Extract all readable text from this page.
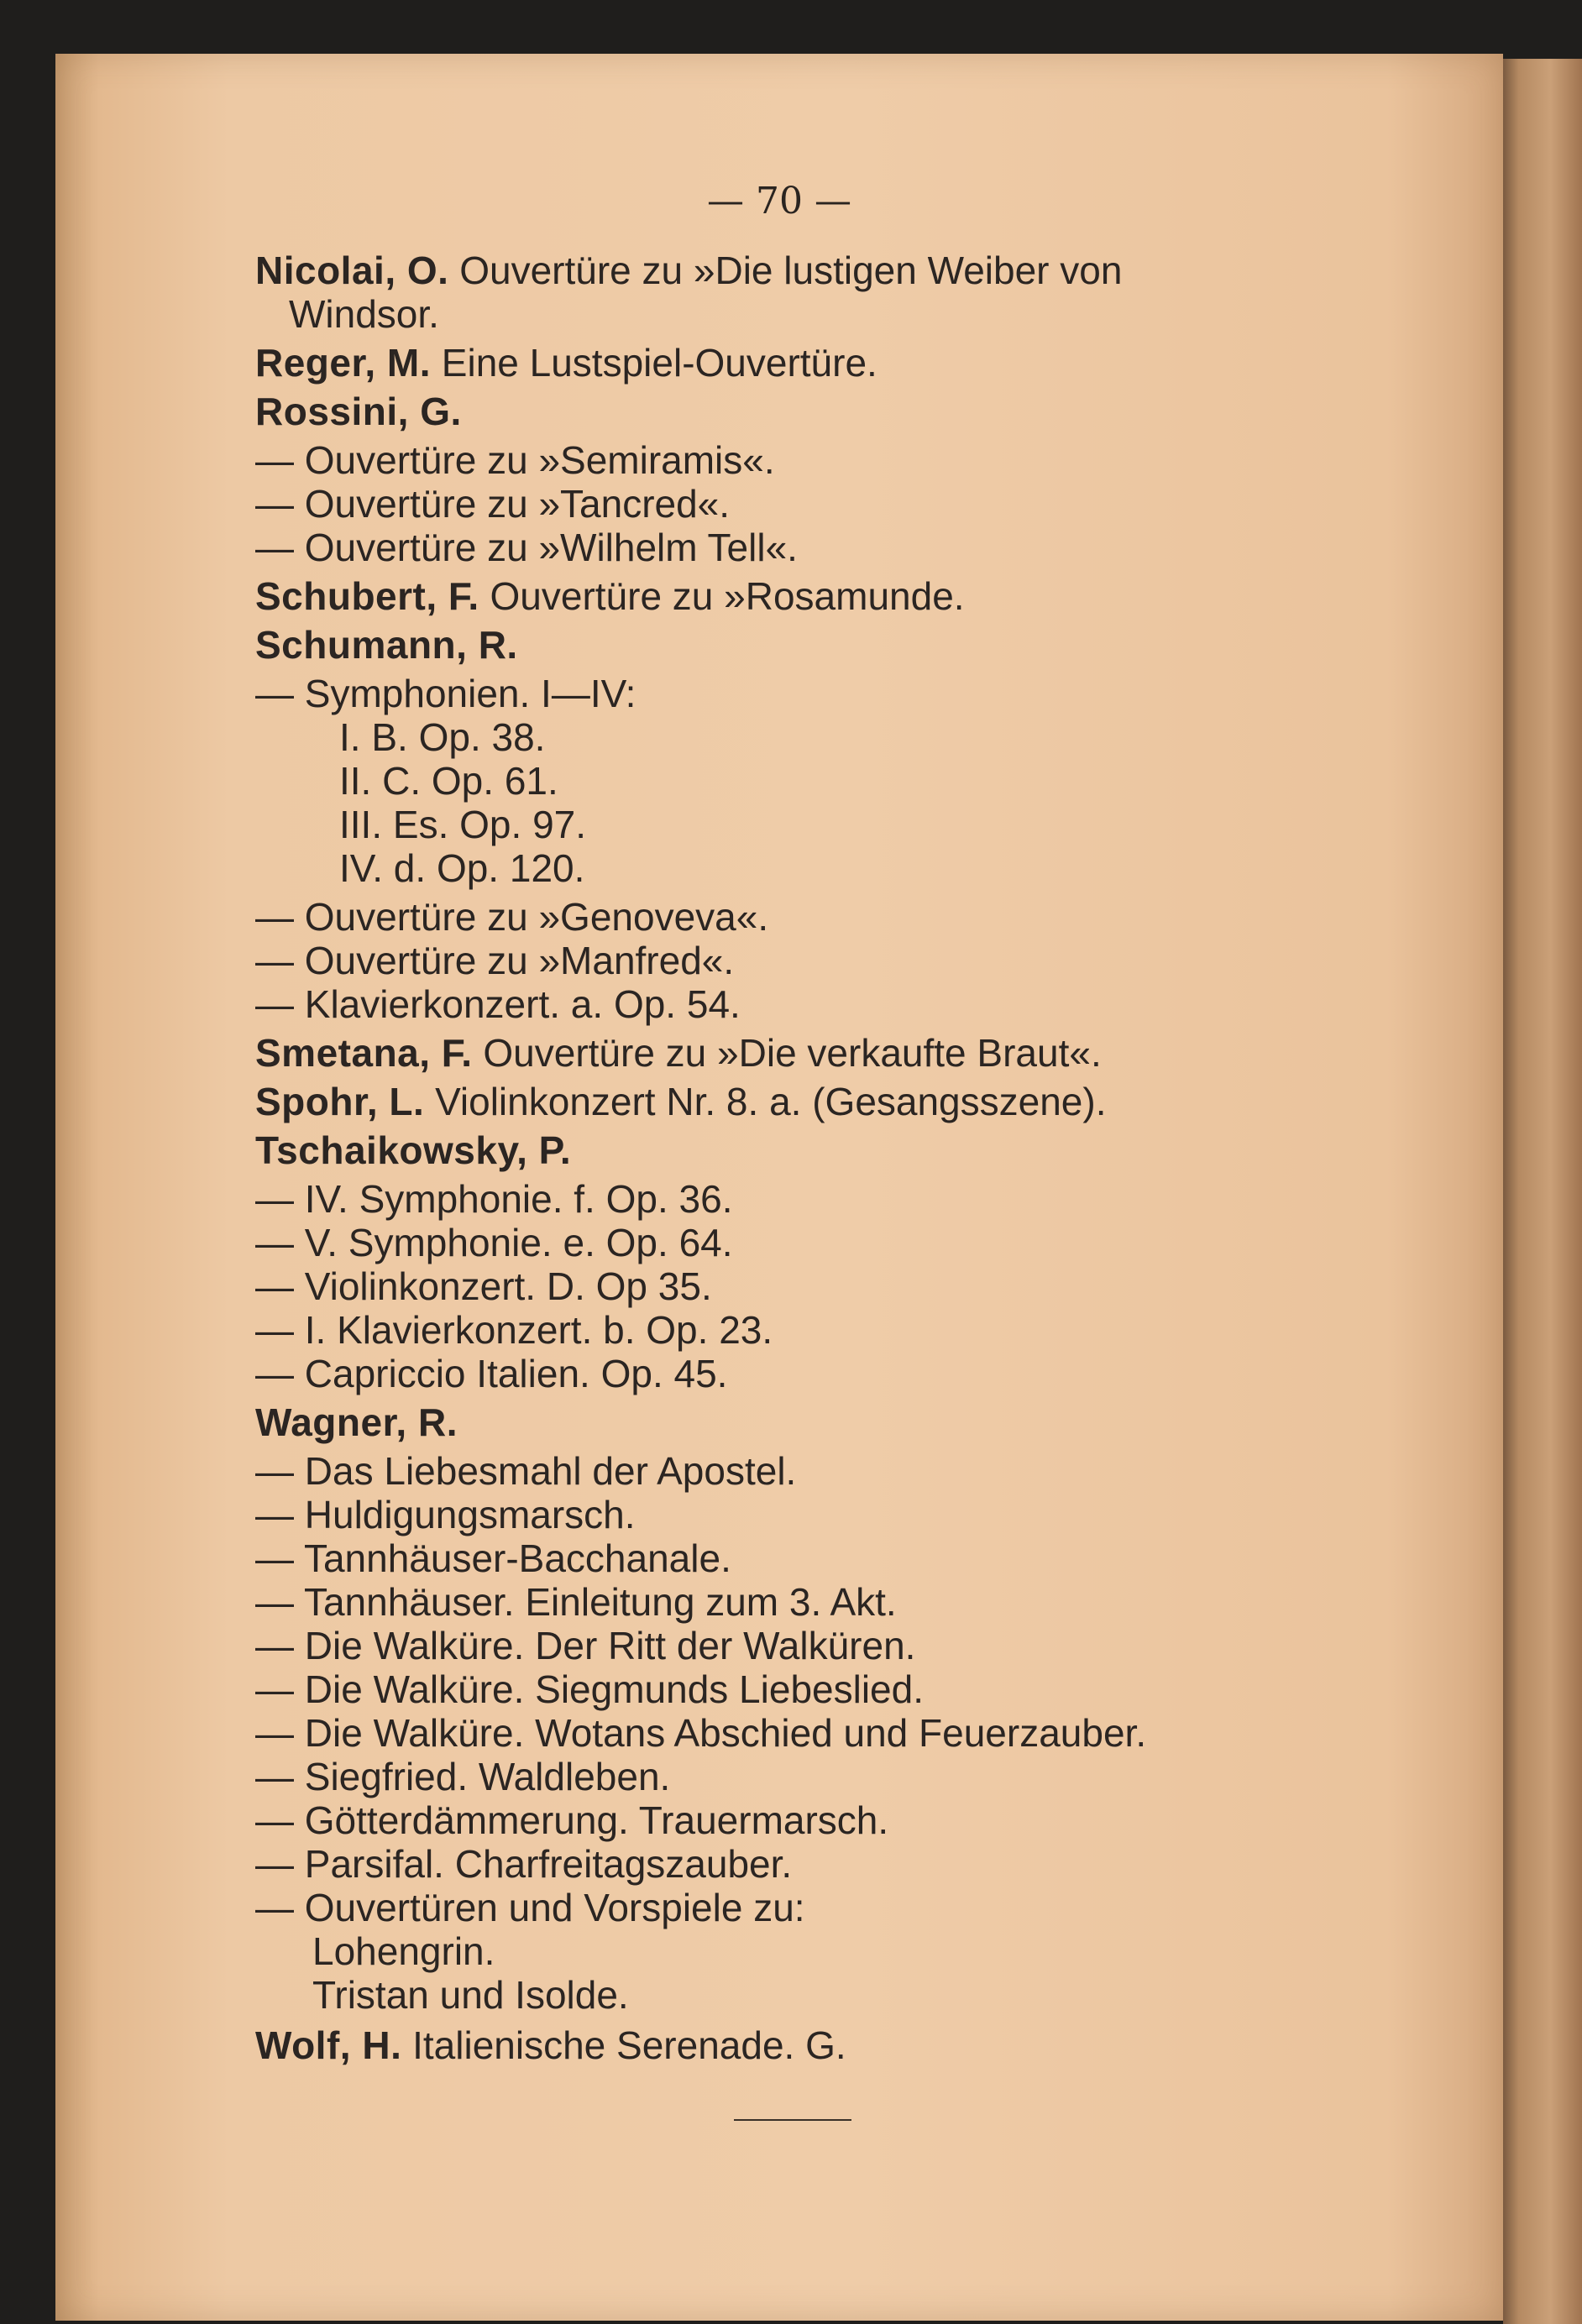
— 70 —
Nicolai, O. Ouvertüre zu »Die lustigen Weiber von
Windsor.
Reger, M. Eine Lustspiel-Ouvertüre.
Rossini, G.
— Ouvertüre zu »Semiramis«.
— Ouvertüre zu »Tancred«.
— Ouvertüre zu »Wilhelm Tell«.
Schubert, F. Ouvertüre zu »Rosamunde.
Schumann, R.
— Symphonien. I—IV:
I. B. Op. 38.
II. C. Op. 61.
III. Es. Op. 97.
IV. d. Op. 120.
— Ouvertüre zu »Genoveva«.
— Ouvertüre zu »Manfred«.
— Klavierkonzert. a. Op. 54.
Smetana, F. Ouvertüre zu »Die verkaufte Braut«.
Spohr, L. Violinkonzert Nr. 8. a. (Gesangsszene).
Tschaikowsky, P.
— IV. Symphonie. f. Op. 36.
— V. Symphonie. e. Op. 64.
— Violinkonzert. D. Op 35.
— I. Klavierkonzert. b. Op. 23.
— Capriccio Italien. Op. 45.
Wagner, R.
— Das Liebesmahl der Apostel.
— Huldigungsmarsch.
— Tannhäuser-Bacchanale.
— Tannhäuser. Einleitung zum 3. Akt.
— Die Walküre. Der Ritt der Walküren.
— Die Walküre. Siegmunds Liebeslied.
— Die Walküre. Wotans Abschied und Feuerzauber.
— Siegfried. Waldleben.
— Götterdämmerung. Trauermarsch.
— Parsifal. Charfreitagszauber.
— Ouvertüren und Vorspiele zu:
Lohengrin.
Tristan und Isolde.
Wolf, H. Italienische Serenade. G.
